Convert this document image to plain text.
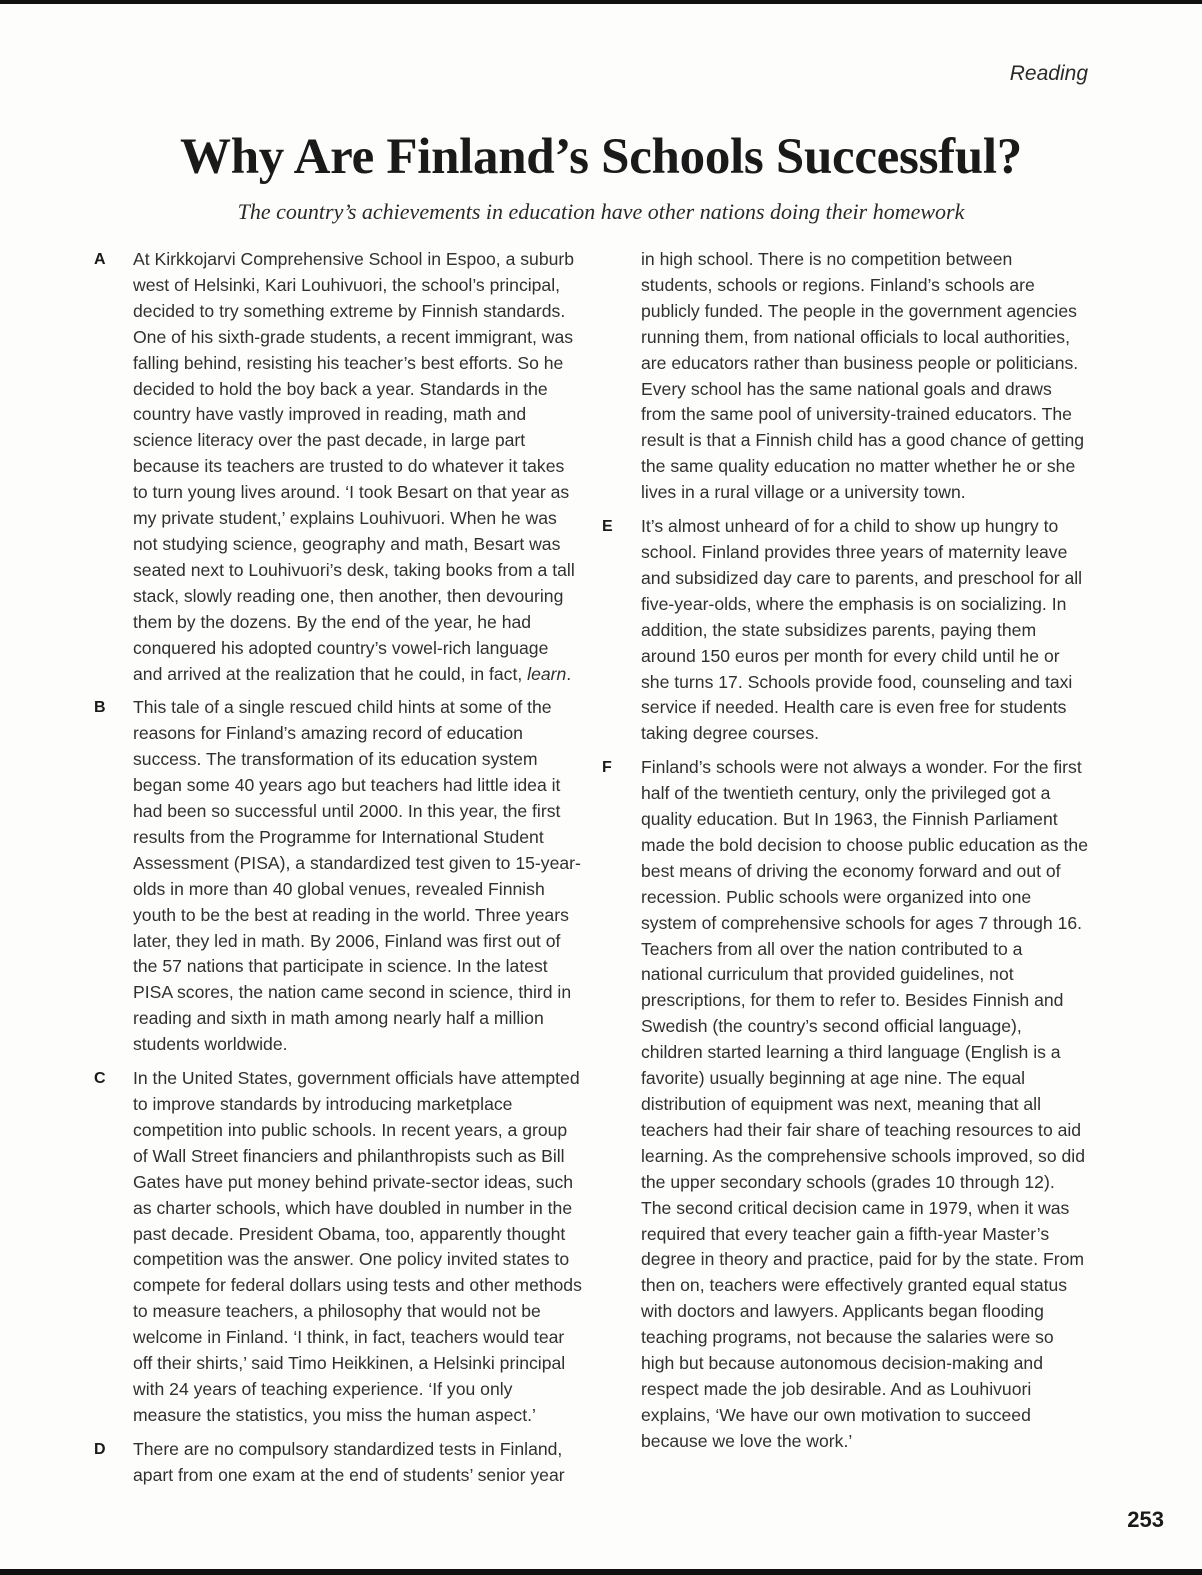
Reading
Why Are Finland’s Schools Successful?

The country’s achievements in education have other nations doing their homework

A At Kirkkojarvi Comprehensive School in Espoo, a suburb west of Helsinki, Kari Louhivuori, the school’s principal, decided to try something extreme by Finnish standards. One of his sixth-grade students, a recent immigrant, was falling behind, resisting his teacher’s best efforts. So he decided to hold the boy back a year. Standards in the country have vastly improved in reading, math and science literacy over the past decade, in large part because its teachers are trusted to do whatever it takes to turn young lives around. ‘I took Besart on that year as my private student,’ explains Louhivuori. When he was not studying science, geography and math, Besart was seated next to Louhivuori’s desk, taking books from a tall stack, slowly reading one, then another, then devouring them by the dozens. By the end of the year, he had conquered his adopted country’s vowel-rich language and arrived at the realization that he could, in fact, learn.
B This tale of a single rescued child hints at some of the reasons for Finland’s amazing record of education success. The transformation of its education system began some 40 years ago but teachers had little idea it had been so successful until 2000. In this year, the first results from the Programme for International Student Assessment (PISA), a standardized test given to 15-year-olds in more than 40 global venues, revealed Finnish youth to be the best at reading in the world. Three years later, they led in math. By 2006, Finland was first out of the 57 nations that participate in science. In the latest PISA scores, the nation came second in science, third in reading and sixth in math among nearly half a million students worldwide.
C In the United States, government officials have attempted to improve standards by introducing marketplace competition into public schools. In recent years, a group of Wall Street financiers and philanthropists such as Bill Gates have put money behind private-sector ideas, such as charter schools, which have doubled in number in the past decade. President Obama, too, apparently thought competition was the answer. One policy invited states to compete for federal dollars using tests and other methods to measure teachers, a philosophy that would not be welcome in Finland. ‘I think, in fact, teachers would tear off their shirts,’ said Timo Heikkinen, a Helsinki principal with 24 years of teaching experience. ‘If you only measure the statistics, you miss the human aspect.’
D There are no compulsory standardized tests in Finland, apart from one exam at the end of students’ senior year
in high school. There is no competition between students, schools or regions. Finland’s schools are publicly funded. The people in the government agencies running them, from national officials to local authorities, are educators rather than business people or politicians. Every school has the same national goals and draws from the same pool of university-trained educators. The result is that a Finnish child has a good chance of getting the same quality education no matter whether he or she lives in a rural village or a university town.
E It’s almost unheard of for a child to show up hungry to school. Finland provides three years of maternity leave and subsidized day care to parents, and preschool for all five-year-olds, where the emphasis is on socializing. In addition, the state subsidizes parents, paying them around 150 euros per month for every child until he or she turns 17. Schools provide food, counseling and taxi service if needed. Health care is even free for students taking degree courses.
F Finland’s schools were not always a wonder. For the first half of the twentieth century, only the privileged got a quality education. But In 1963, the Finnish Parliament made the bold decision to choose public education as the best means of driving the economy forward and out of recession. Public schools were organized into one system of comprehensive schools for ages 7 through 16. Teachers from all over the nation contributed to a national curriculum that provided guidelines, not prescriptions, for them to refer to. Besides Finnish and Swedish (the country’s second official language), children started learning a third language (English is a favorite) usually beginning at age nine. The equal distribution of equipment was next, meaning that all teachers had their fair share of teaching resources to aid learning. As the comprehensive schools improved, so did the upper secondary schools (grades 10 through 12). The second critical decision came in 1979, when it was required that every teacher gain a fifth-year Master’s degree in theory and practice, paid for by the state. From then on, teachers were effectively granted equal status with doctors and lawyers. Applicants began flooding teaching programs, not because the salaries were so high but because autonomous decision-making and respect made the job desirable. And as Louhivuori explains, ‘We have our own motivation to succeed because we love the work.’
253
